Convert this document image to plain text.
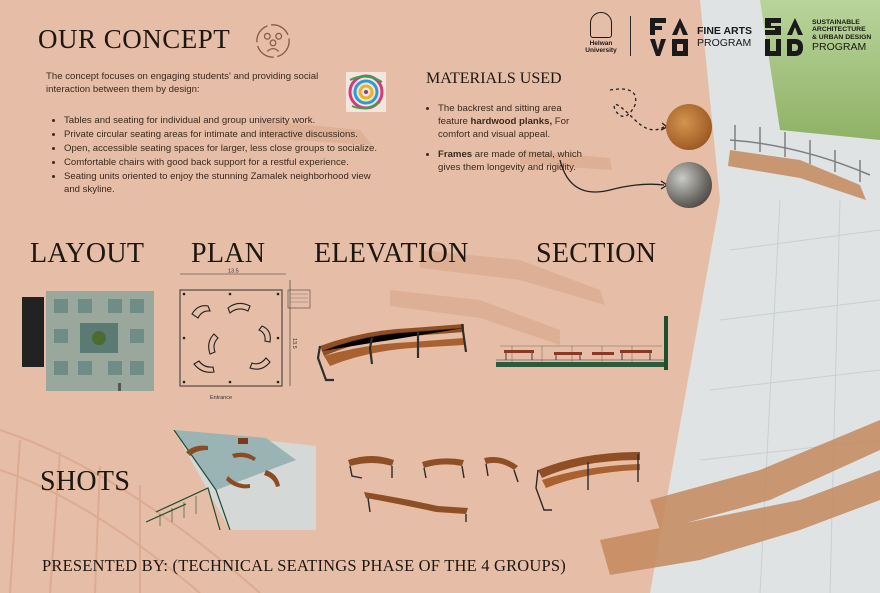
OUR CONCEPT
The concept focuses on engaging students' and providing social interaction between them by design:
• Tables and seating for individual and group university work.
• Private circular seating areas for intimate and interactive discussions.
• Open, accessible seating spaces for larger, less close groups to socialize.
• Comfortable chairs with good back support for a restful experience.
• Seating units oriented to enjoy the stunning Zamalek neighborhood view and skyline.
MATERIALS USED
• The backrest and sitting area feature hardwood planks, For comfort and visual appeal.
• Frames are made of metal, which gives them longevity and rigidity.
Helwan
University
FINE ARTS
PROGRAM
SUSTAINABLE
ARCHITECTURE
& URBAN DESIGN
PROGRAM
LAYOUT PLAN ELEVATION SECTION
SHOTS
13.5
13.5
Entrance
PRESENTED BY: (TECHNICAL SEATINGS PHASE OF THE 4 GROUPS)
